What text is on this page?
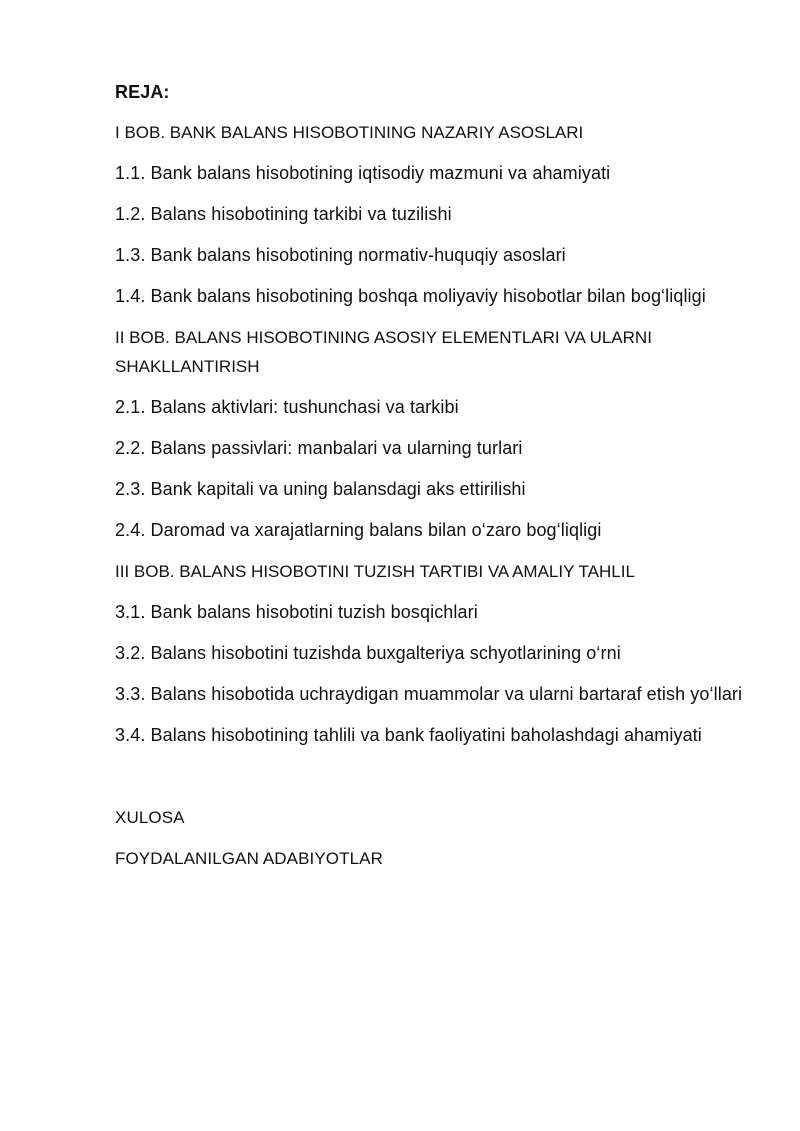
REJA:
I BOB. BANK BALANS HISOBOTINING NAZARIY ASOSLARI
1.1. Bank balans hisobotining iqtisodiy mazmuni va ahamiyati
1.2. Balans hisobotining tarkibi va tuzilishi
1.3. Bank balans hisobotining normativ-huquqiy asoslari
1.4. Bank balans hisobotining boshqa moliyaviy hisobotlar bilan bog‘liqligi
II BOB. BALANS HISOBOTINING ASOSIY ELEMENTLARI VA ULARNI SHAKLLANTIRISH
2.1. Balans aktivlari: tushunchasi va tarkibi
2.2. Balans passivlari: manbalari va ularning turlari
2.3. Bank kapitali va uning balansdagi aks ettirilishi
2.4. Daromad va xarajatlarning balans bilan o‘zaro bog‘liqligi
III BOB. BALANS HISOBOTINI TUZISH TARTIBI VA AMALIY TAHLIL
3.1. Bank balans hisobotini tuzish bosqichlari
3.2. Balans hisobotini tuzishda buxgalteriya schyotlarining o‘rni
3.3. Balans hisobotida uchraydigan muammolar va ularni bartaraf etish yo‘llari
3.4. Balans hisobotining tahlili va bank faoliyatini baholashdagi ahamiyati
XULOSA
FOYDALANILGAN ADABIYOTLAR
